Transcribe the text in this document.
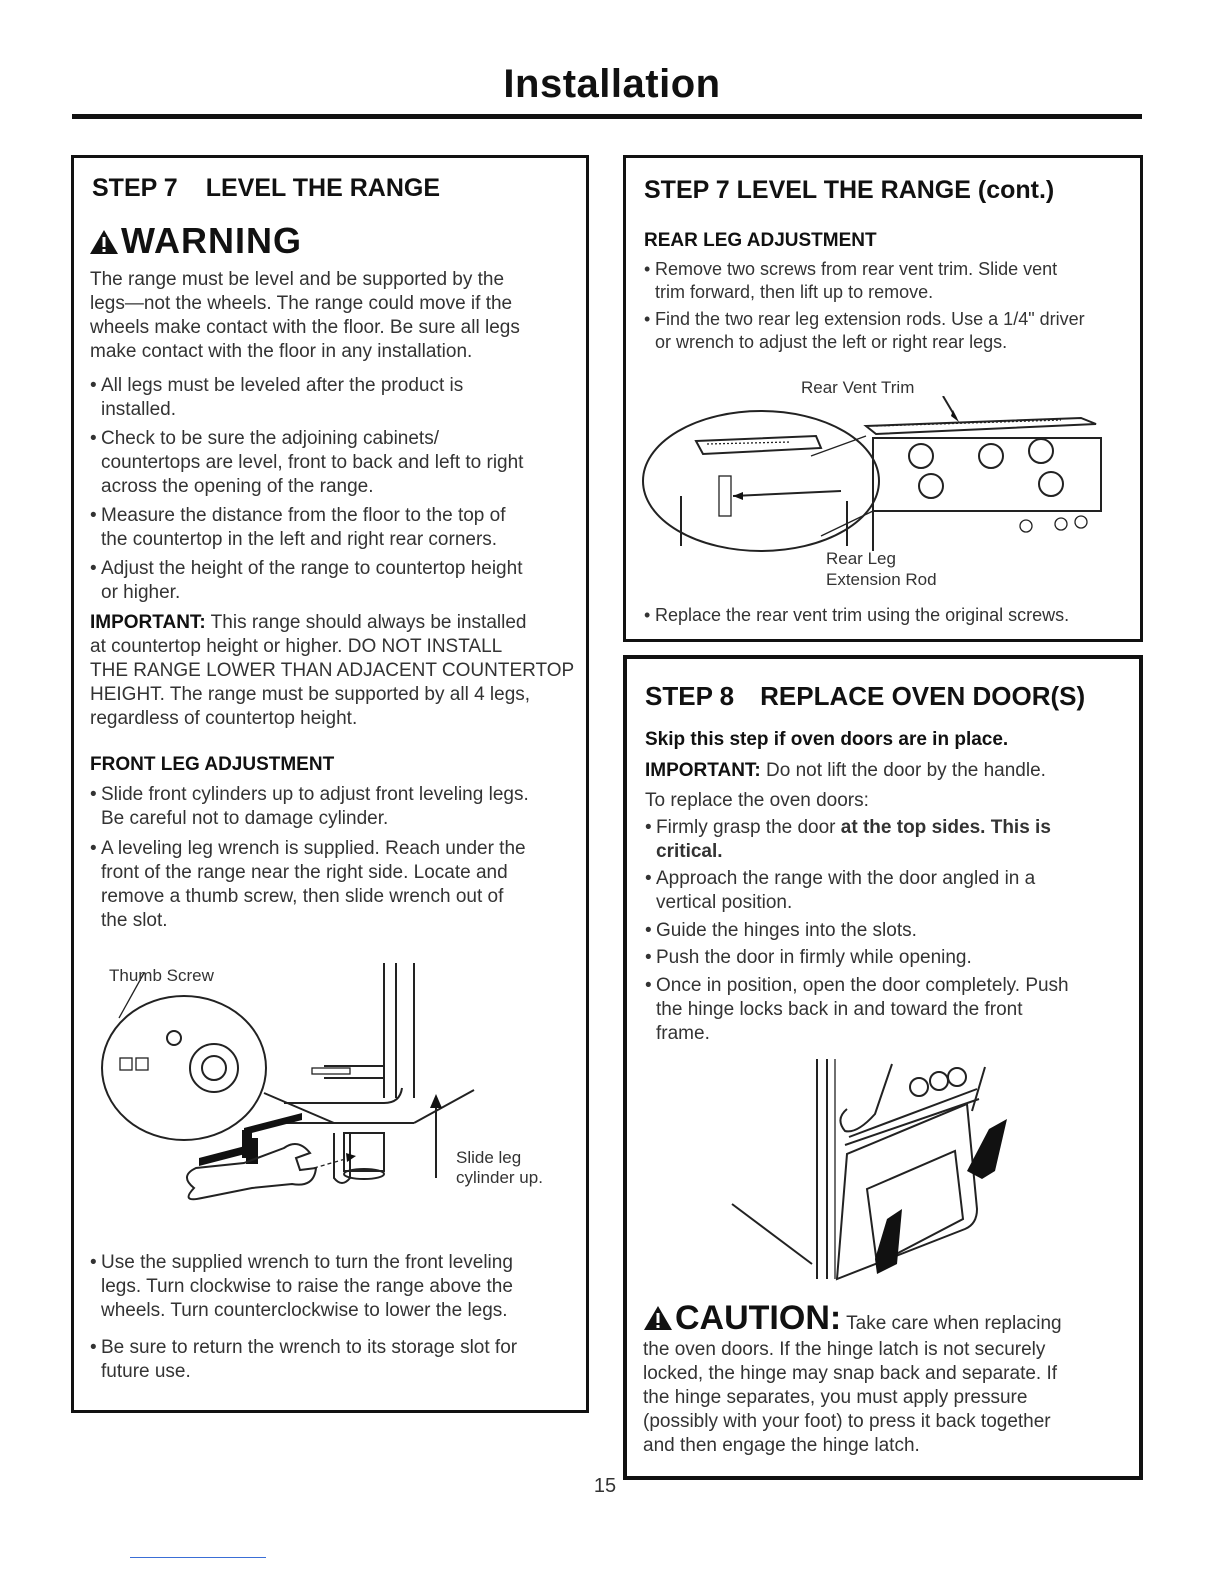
Installation
STEP 7 LEVEL THE RANGE
WARNING
The range must be level and be supported by the
legs—not the wheels. The range could move if the
wheels make contact with the floor. Be sure all legs
make contact with the floor in any installation.
• All legs must be leveled after the product is
installed.
• Check to be sure the adjoining cabinets/
countertops are level, front to back and left to right
across the opening of the range.
• Measure the distance from the floor to the top of
the countertop in the left and right rear corners.
• Adjust the height of the range to countertop height
or higher.
IMPORTANT: This range should always be installed
at countertop height or higher. DO NOT INSTALL
THE RANGE LOWER THAN ADJACENT COUNTERTOP
HEIGHT. The range must be supported by all 4 legs,
regardless of countertop height.
FRONT LEG ADJUSTMENT
• Slide front cylinders up to adjust front leveling legs.
Be careful not to damage cylinder.
• A leveling leg wrench is supplied. Reach under the
front of the range near the right side. Locate and
remove a thumb screw, then slide wrench out of
the slot.
Thumb Screw
Slide leg
cylinder up.
• Use the supplied wrench to turn the front leveling
legs. Turn clockwise to raise the range above the
wheels. Turn counterclockwise to lower the legs.
• Be sure to return the wrench to its storage slot for
future use.
STEP 7 LEVEL THE RANGE (cont.)
REAR LEG ADJUSTMENT
• Remove two screws from rear vent trim. Slide vent
trim forward, then lift up to remove.
• Find the two rear leg extension rods. Use a 1/4" driver
or wrench to adjust the left or right rear legs.
Rear Vent Trim
Rear Leg
Extension Rod
• Replace the rear vent trim using the original screws.
STEP 8 REPLACE OVEN DOOR(S)
Skip this step if oven doors are in place.
IMPORTANT: Do not lift the door by the handle.
To replace the oven doors:
• Firmly grasp the door at the top sides. This is
critical.
• Approach the range with the door angled in a
vertical position.
• Guide the hinges into the slots.
• Push the door in firmly while opening.
• Once in position, open the door completely. Push
the hinge locks back in and toward the front
frame.
CAUTION: Take care when replacing
the oven doors. If the hinge latch is not securely
locked, the hinge may snap back and separate. If
the hinge separates, you must apply pressure
(possibly with your foot) to press it back together
and then engage the hinge latch.
15
